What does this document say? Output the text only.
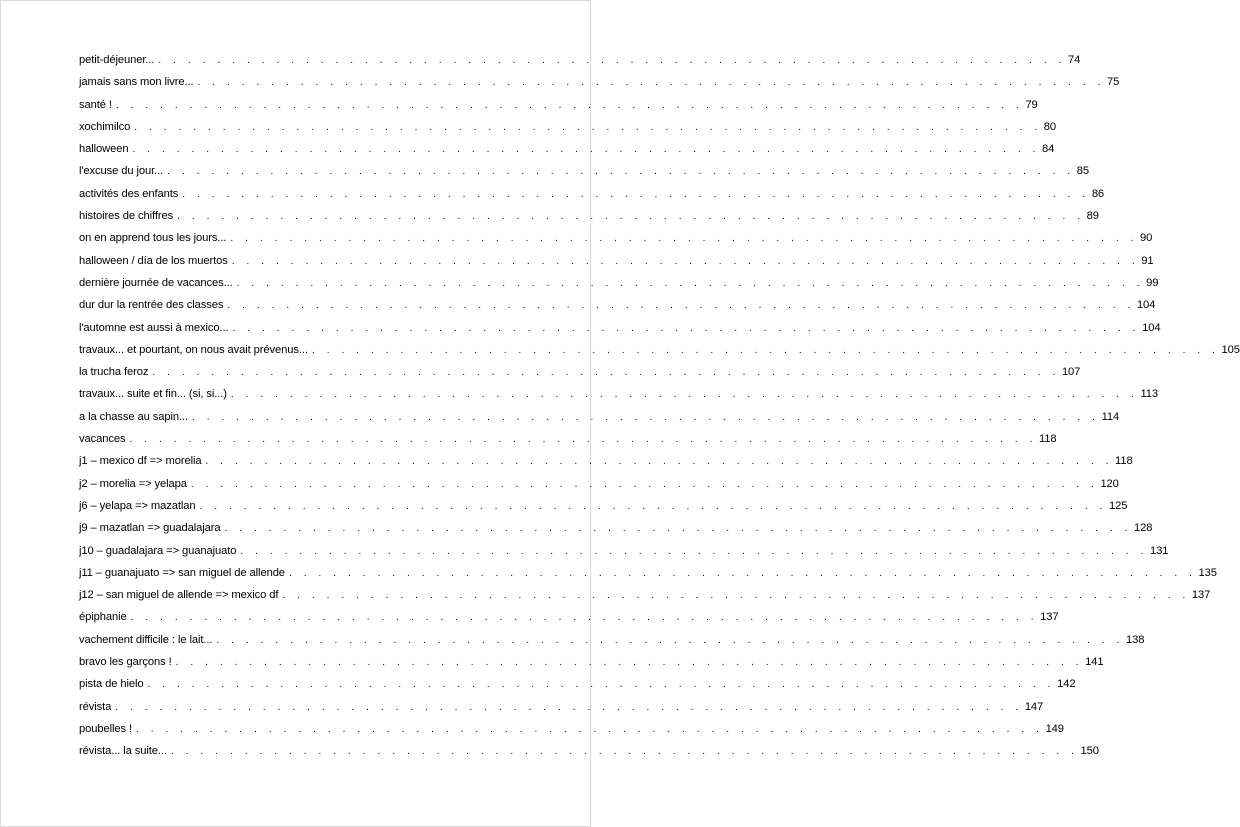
petit-déjeuner... . . . . . . . . . . . . . . . . . . . . . . . . . . . . . . . . . . . . . . . . . . . . . . . . . . . . . . . . . . . . . . 74
jamais sans mon livre... . . . . . . . . . . . . . . . . . . . . . . . . . . . . . . . . . . . . . . . . . . . . . . . . . . . . . . . . . . . . . . 75
santé ! . . . . . . . . . . . . . . . . . . . . . . . . . . . . . . . . . . . . . . . . . . . . . . . . . . . . . . . . . . . . . . 79
xochimilco . . . . . . . . . . . . . . . . . . . . . . . . . . . . . . . . . . . . . . . . . . . . . . . . . . . . . . . . . . . . . . 80
halloween . . . . . . . . . . . . . . . . . . . . . . . . . . . . . . . . . . . . . . . . . . . . . . . . . . . . . . . . . . . . . . 84
l'excuse du jour... . . . . . . . . . . . . . . . . . . . . . . . . . . . . . . . . . . . . . . . . . . . . . . . . . . . . . . . . . . . . . . 85
activités des enfants . . . . . . . . . . . . . . . . . . . . . . . . . . . . . . . . . . . . . . . . . . . . . . . . . . . . . . . . . . . . . . 86
histoires de chiffres . . . . . . . . . . . . . . . . . . . . . . . . . . . . . . . . . . . . . . . . . . . . . . . . . . . . . . . . . . . . . . 89
on en apprend tous les jours... . . . . . . . . . . . . . . . . . . . . . . . . . . . . . . . . . . . . . . . . . . . . . . . . . . . . . . . . . . . . . . 90
halloween / día de los muertos . . . . . . . . . . . . . . . . . . . . . . . . . . . . . . . . . . . . . . . . . . . . . . . . . . . . . . . . . . . . . . 91
dernière journée de vacances... . . . . . . . . . . . . . . . . . . . . . . . . . . . . . . . . . . . . . . . . . . . . . . . . . . . . . . . . . . . . . . 99
dur dur la rentrée des classes . . . . . . . . . . . . . . . . . . . . . . . . . . . . . . . . . . . . . . . . . . . . . . . . . . . . . . . . . . . . . . 104
l'automne est aussi à mexico... . . . . . . . . . . . . . . . . . . . . . . . . . . . . . . . . . . . . . . . . . . . . . . . . . . . . . . . . . . . . . . 104
travaux... et pourtant, on nous avait prévenus... . . . . . . . . . . . . . . . . . . . . . . . . . . . . . . . . . . . . . . . . . . . . . . . . . . . . . . . . . . . . . . 105
la trucha feroz . . . . . . . . . . . . . . . . . . . . . . . . . . . . . . . . . . . . . . . . . . . . . . . . . . . . . . . . . . . . . . 107
travaux... suite et fin... (si, si...) . . . . . . . . . . . . . . . . . . . . . . . . . . . . . . . . . . . . . . . . . . . . . . . . . . . . . . . . . . . . . . 113
a la chasse au sapin... . . . . . . . . . . . . . . . . . . . . . . . . . . . . . . . . . . . . . . . . . . . . . . . . . . . . . . . . . . . . . . 114
vacances . . . . . . . . . . . . . . . . . . . . . . . . . . . . . . . . . . . . . . . . . . . . . . . . . . . . . . . . . . . . . . 118
j1 – mexico df => morelia . . . . . . . . . . . . . . . . . . . . . . . . . . . . . . . . . . . . . . . . . . . . . . . . . . . . . . . . . . . . . . 118
j2 – morelia => yelapa . . . . . . . . . . . . . . . . . . . . . . . . . . . . . . . . . . . . . . . . . . . . . . . . . . . . . . . . . . . . . . 120
j6 – yelapa => mazatlan . . . . . . . . . . . . . . . . . . . . . . . . . . . . . . . . . . . . . . . . . . . . . . . . . . . . . . . . . . . . . . 125
j9 – mazatlan => guadalajara . . . . . . . . . . . . . . . . . . . . . . . . . . . . . . . . . . . . . . . . . . . . . . . . . . . . . . . . . . . . . . 128
j10 – guadalajara => guanajuato . . . . . . . . . . . . . . . . . . . . . . . . . . . . . . . . . . . . . . . . . . . . . . . . . . . . . . . . . . . . . . 131
j11 – guanajuato => san miguel de allende . . . . . . . . . . . . . . . . . . . . . . . . . . . . . . . . . . . . . . . . . . . . . . . . . . . . . . . . . . . . . . 135
j12 – san miguel de allende => mexico df . . . . . . . . . . . . . . . . . . . . . . . . . . . . . . . . . . . . . . . . . . . . . . . . . . . . . . . . . . . . . . 137
épiphanie . . . . . . . . . . . . . . . . . . . . . . . . . . . . . . . . . . . . . . . . . . . . . . . . . . . . . . . . . . . . . . 137
vachement difficile : le lait... . . . . . . . . . . . . . . . . . . . . . . . . . . . . . . . . . . . . . . . . . . . . . . . . . . . . . . . . . . . . . . 138
bravo les garçons ! . . . . . . . . . . . . . . . . . . . . . . . . . . . . . . . . . . . . . . . . . . . . . . . . . . . . . . . . . . . . . . 141
pista de hielo . . . . . . . . . . . . . . . . . . . . . . . . . . . . . . . . . . . . . . . . . . . . . . . . . . . . . . . . . . . . . . 142
révista . . . . . . . . . . . . . . . . . . . . . . . . . . . . . . . . . . . . . . . . . . . . . . . . . . . . . . . . . . . . . . 147
poubelles ! . . . . . . . . . . . . . . . . . . . . . . . . . . . . . . . . . . . . . . . . . . . . . . . . . . . . . . . . . . . . . . 149
révista... la suite... . . . . . . . . . . . . . . . . . . . . . . . . . . . . . . . . . . . . . . . . . . . . . . . . . . . . . . . . . . . . . . 150
